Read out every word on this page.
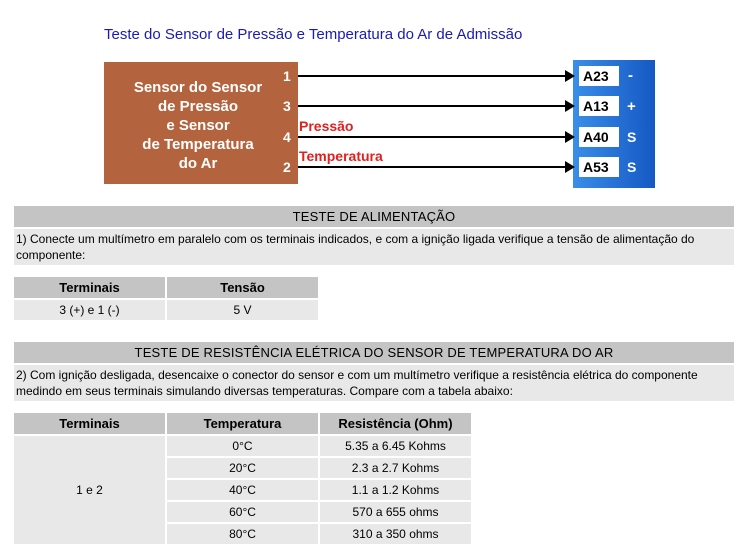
Teste do Sensor de Pressão e Temperatura do Ar de Admissão
Sensor do Sensor
de Pressão
e Sensor
de Temperatura
do Ar
1
3
4
2
Pressão
Temperatura
A23
A13
A40
A53
-
+
S
S
TESTE DE ALIMENTAÇÃO
1) Conecte um multímetro em paralelo com os terminais indicados, e com a ignição ligada verifique a tensão de alimentação do componente:
Terminais	Tensão
3 (+) e 1 (-)	5 V
TESTE DE RESISTÊNCIA ELÉTRICA DO SENSOR DE TEMPERATURA DO AR
2) Com ignição desligada, desencaixe o conector do sensor e com um multímetro verifique a resistência elétrica do componente medindo em seus terminais simulando diversas temperaturas. Compare com a tabela abaixo:
Terminais	Temperatura	Resistência (Ohm)
1 e 2	0°C	5.35 a 6.45 Kohms
	20°C	2.3 a 2.7 Kohms
	40°C	1.1 a 1.2 Kohms
	60°C	570 a 655 ohms
	80°C	310 a 350 ohms
